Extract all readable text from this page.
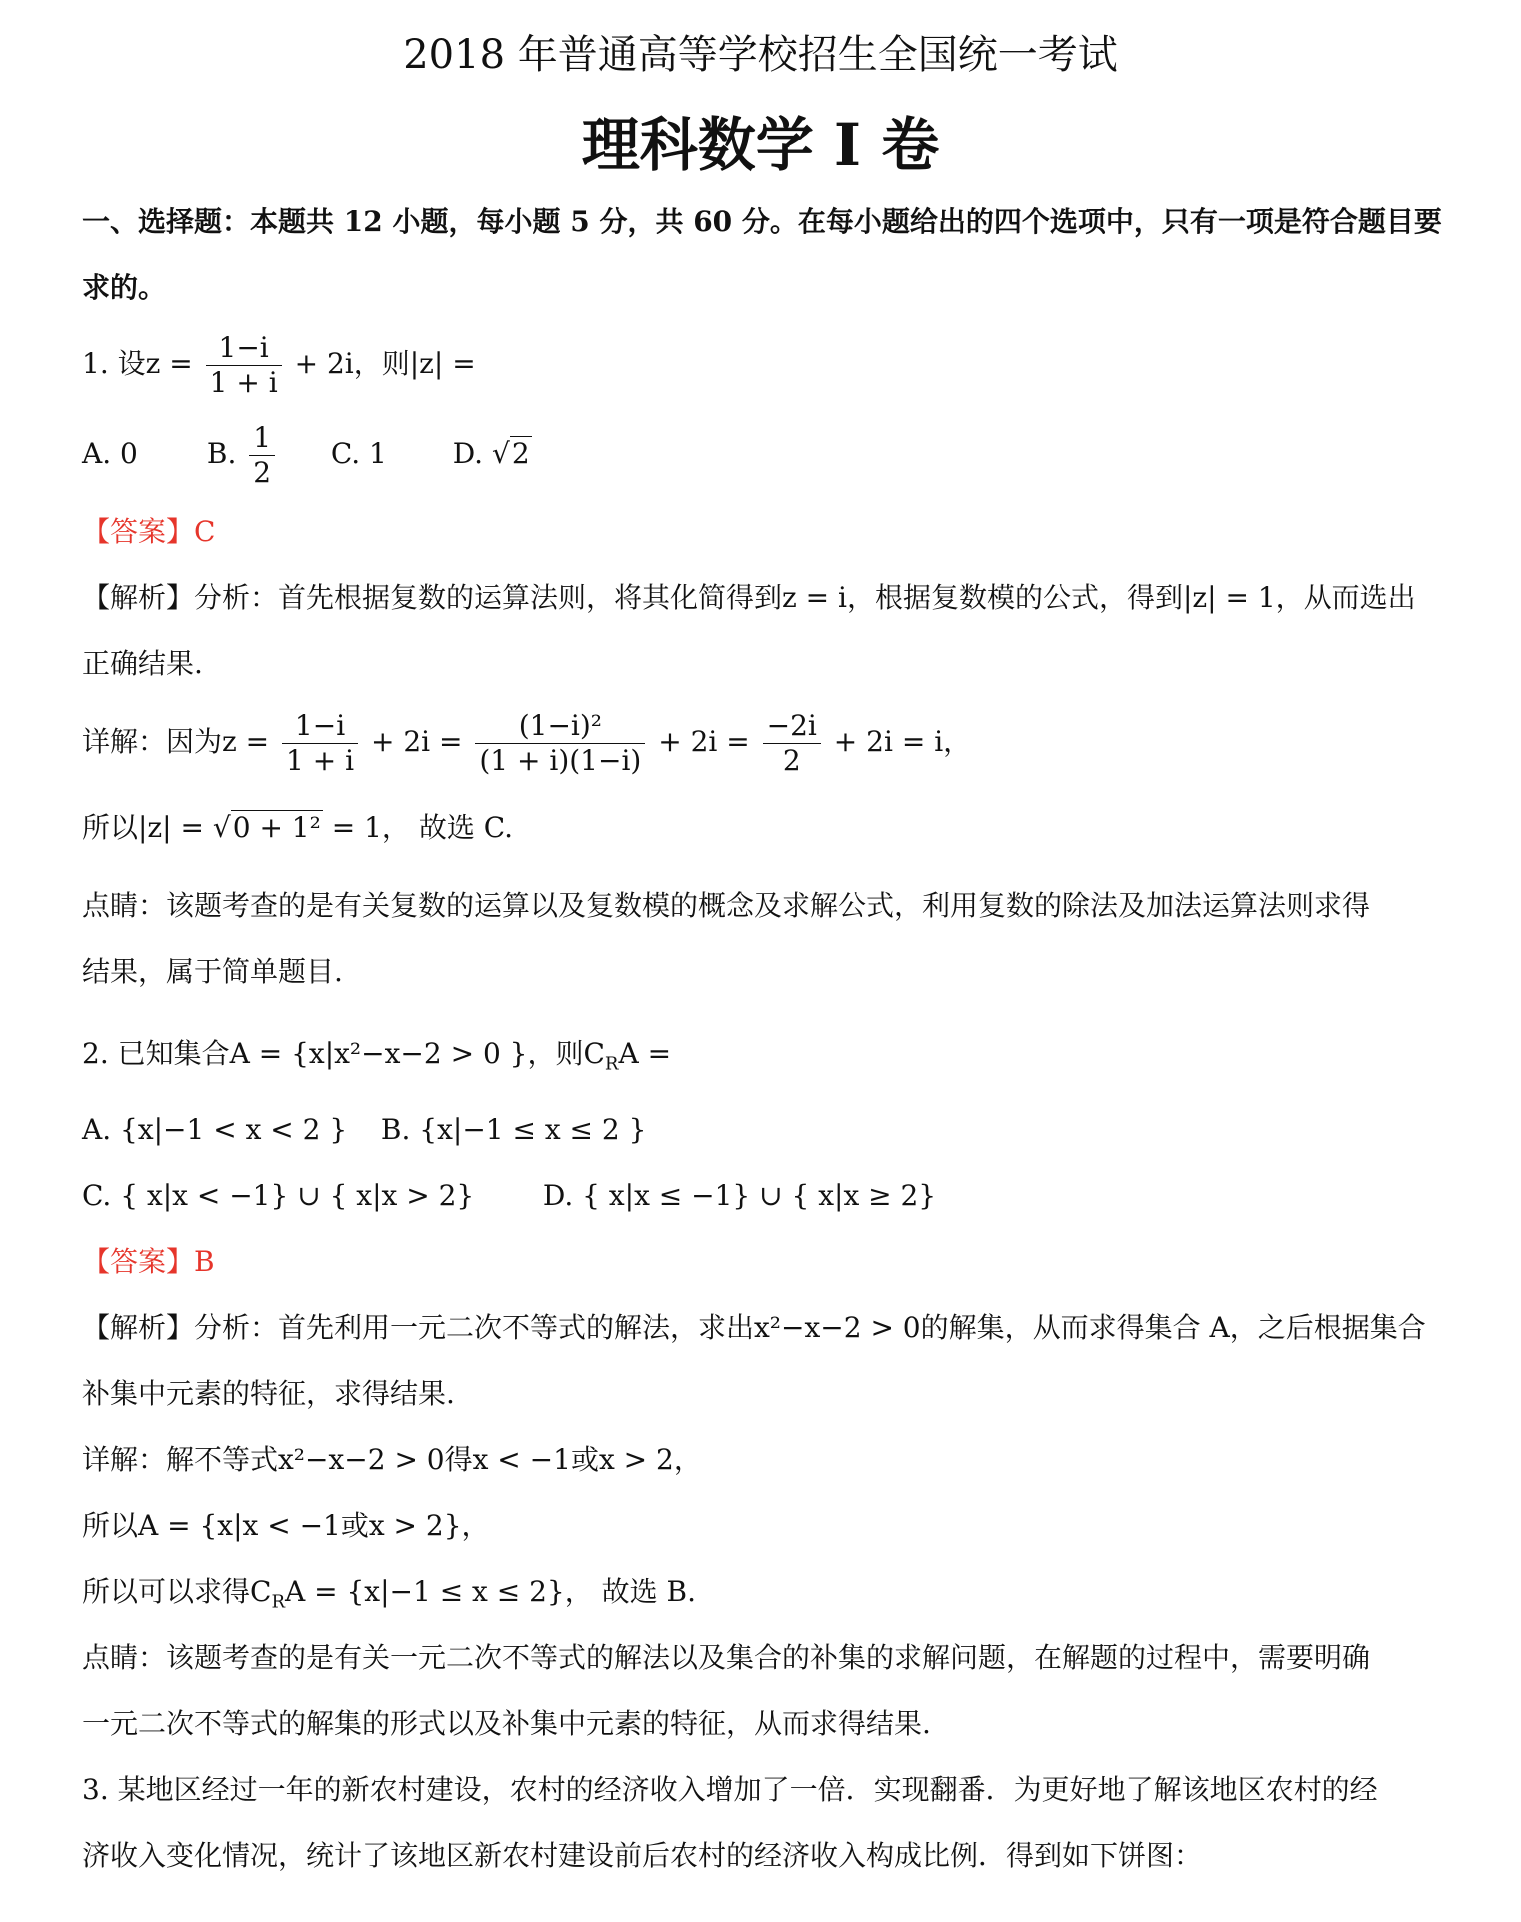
2018 年普通高等学校招生全国统一考试
理科数学 I 卷
一、选择题：本题共 12 小题，每小题 5 分，共 60 分。在每小题给出的四个选项中，只有一项是符合题目要
求的。
1. 设$z = \frac{1-i}{1 + i} + 2i$，则|z| =
A. 0 B. $\frac{1}{2} C$. 1 D. √2
【答案】C
【解析】分析：首先根据复数的运算法则，将其化简得到z = i，根据复数模的公式，得到|z| = 1，从而选出
正确结果.
详解：因为$z = \frac{1-i}{1 + i} + 2i = \frac{\text{(1−i)²}}{(1 + i)(1-i)} + 2i = \frac{-2i}{2} + 2i = i$，
所以|z| = √0 + 1² = 1， 故选 C.
点睛：该题考查的是有关复数的运算以及复数模的概念及求解公式，利用复数的除法及加法运算法则求得
结果，属于简单题目.
2. 已知集合A = {x|x²−x−2 > 0 }，则$C_RA$ =
A. {x|−1 < x < 2 } B. {x|−1 ≤ x ≤ 2 }
C. { x|x < −1} ∪ { x|x > 2} D. { x|x ≤ −1} ∪ { x|x ≥ 2}
【答案】B
【解析】分析：首先利用一元二次不等式的解法，求出x²−x−2 > 0的解集，从而求得集合 A，之后根据集合
补集中元素的特征，求得结果.
详解：解不等式x²−x−2 > 0得x < −1或x > 2，
所以A = {x|x < −1或x > 2}，
所以可以求得$C_RA = \{x|-1 \le x \le 2\}$， 故选 B.
点睛：该题考查的是有关一元二次不等式的解法以及集合的补集的求解问题，在解题的过程中，需要明确
一元二次不等式的解集的形式以及补集中元素的特征，从而求得结果.
3. 某地区经过一年的新农村建设，农村的经济收入增加了一倍．实现翻番．为更好地了解该地区农村的经
济收入变化情况，统计了该地区新农村建设前后农村的经济收入构成比例．得到如下饼图：
